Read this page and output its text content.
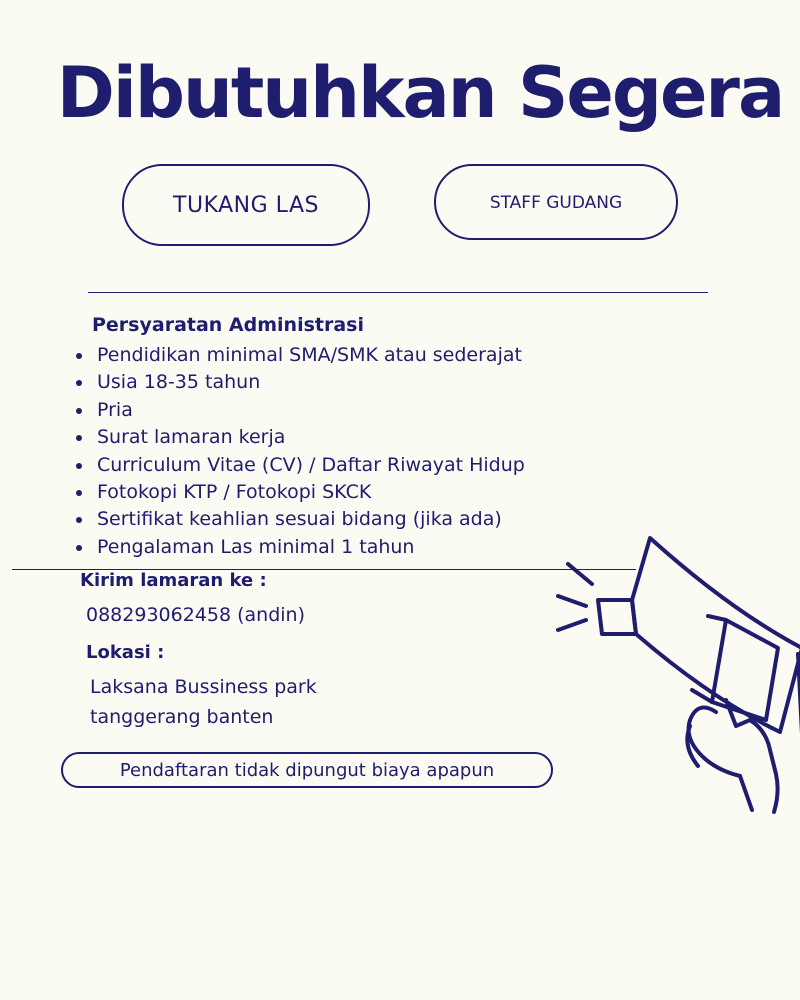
Dibutuhkan Segera
TUKANG LAS	STAFF GUDANG
Persyaratan Administrasi
Pendidikan minimal SMA/SMK atau sederajat
Usia 18-35 tahun
Pria
Surat lamaran kerja
Curriculum Vitae (CV) / Daftar Riwayat Hidup
Fotokopi KTP / Fotokopi SKCK
Sertifikat keahlian sesuai bidang (jika ada)
Pengalaman Las minimal 1 tahun
Kirim lamaran ke :
088293062458 (andin)
Lokasi :
Laksana Bussiness park
tanggerang banten
Pendaftaran tidak dipungut biaya apapun
